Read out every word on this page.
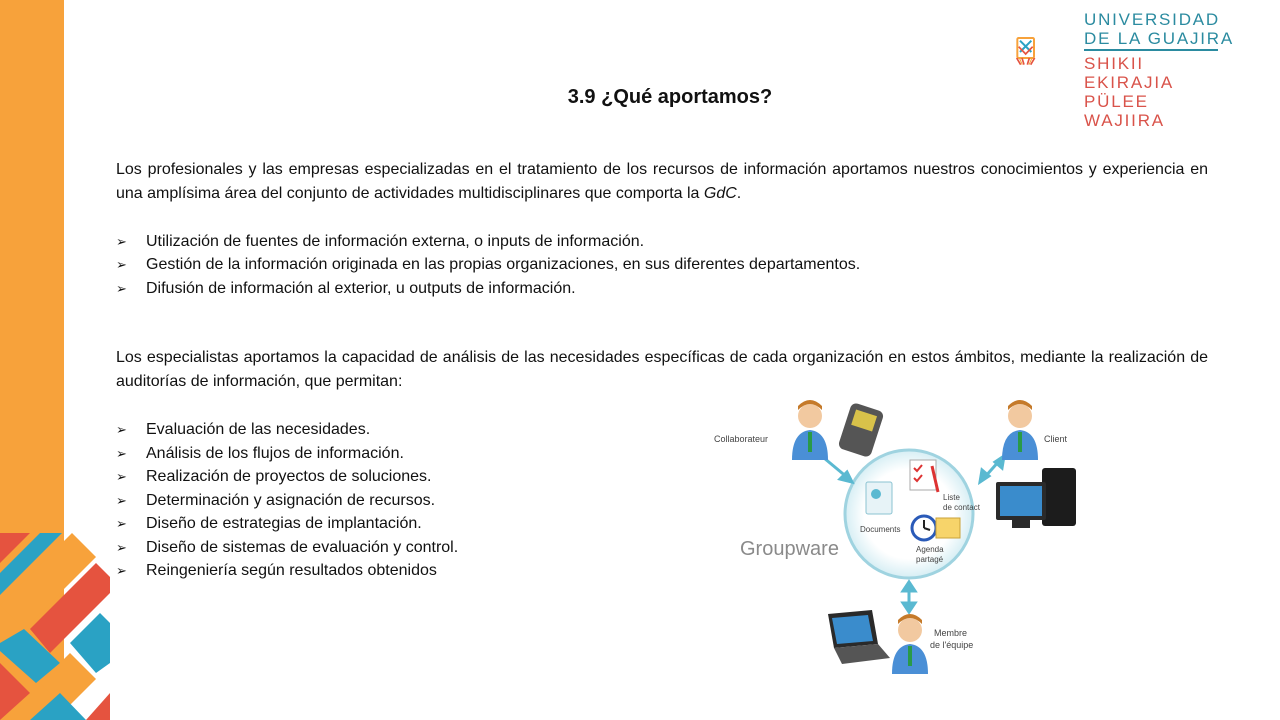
UNIVERSIDAD
DE LA GUAJIRA
SHIKII EKIRAJIA
PÜLEE WAJIIRA
3.9 ¿Qué aportamos?

Los profesionales y las empresas especializadas en el tratamiento de los recursos de información aportamos nuestros conocimientos y experiencia en una amplísima área del conjunto de actividades multidisciplinares que comporta la GdC.

➢	Utilización de fuentes de información externa, o inputs de información.
➢	Gestión de la información originada en las propias organizaciones, en sus diferentes departamentos.
➢	Difusión de información al exterior, u outputs de información.

Los especialistas aportamos la capacidad de análisis de las necesidades específicas de cada organización en estos ámbitos, mediante la realización de auditorías de información, que permitan:

➢	Evaluación de las necesidades.
➢	Análisis de los flujos de información.
➢	Realización de proyectos de soluciones.
➢	Determinación y asignación de recursos.
➢	Diseño de estrategias de implantación.
➢	Diseño de sistemas de evaluación y control.
➢	Reingeniería según resultados obtenidos
Groupware
Collaborateur	Client
Documents
Liste
de contact
Agenda
partagé
Membre
de l'équipe
